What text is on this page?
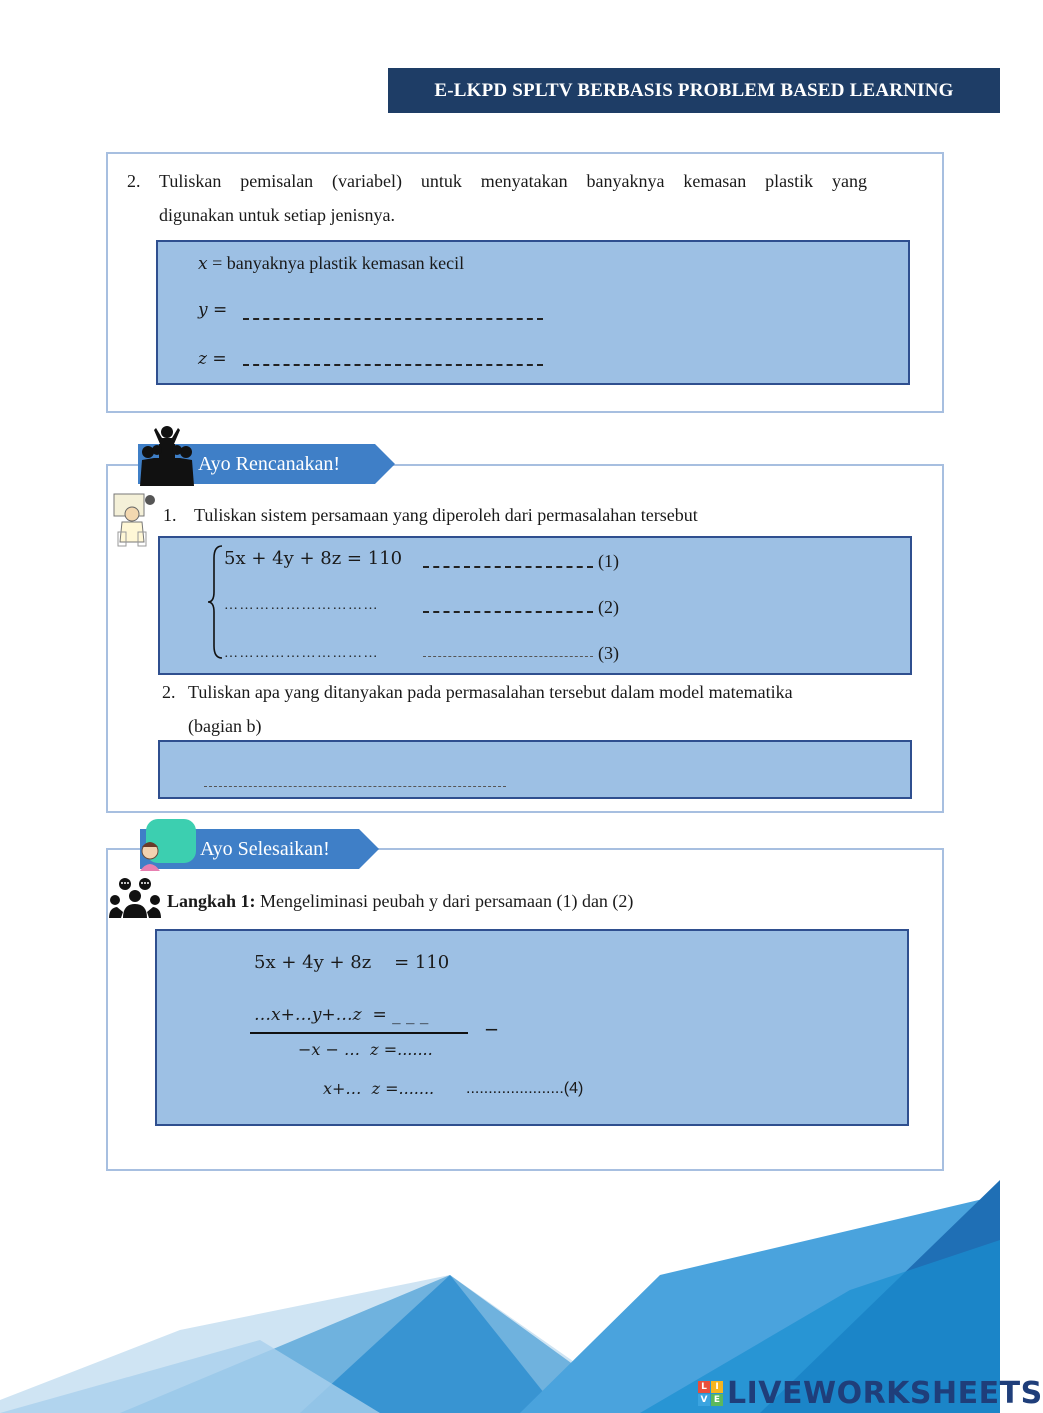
E-LKPD SPLTV BERBASIS PROBLEM BASED LEARNING
2. Tuliskan pemisalan (variabel) untuk menyatakan banyaknya kemasan plastik yang
digunakan untuk setiap jenisnya.
x = banyaknya plastik kemasan kecil
y =
z =
Ayo Rencanakan!
1. Tuliskan sistem persamaan yang diperoleh dari permasalahan tersebut
5x + 4y + 8z = 110
… … … … … … … … … …
… … … … … … … … … …
(1)
(2)
(3)
2. Tuliskan apa yang ditanyakan pada permasalahan tersebut dalam model matematika
(bagian b)
Ayo Selesaikan!
Langkah 1: Mengeliminasi peubah y dari persamaan (1) dan (2)
5x + 4y + 8z    = 110
…x+…y+…z  = _ _ _	–
−x − …  z =.......
x+…  z =....... ......................(4)
L I
V E LIVEWORKSHEETS
